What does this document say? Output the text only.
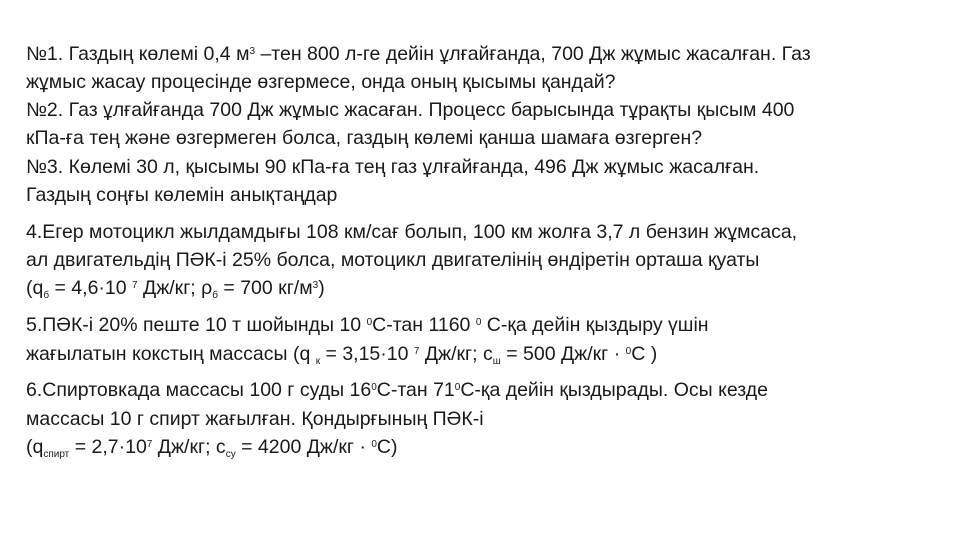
№1. Газдың көлемі 0,4 $м^3$ –тен 800 л-ге дейін ұлғайғанда, 700 Дж жұмыс жасалған. Газ
жұмыс жасау процесінде өзгермесе, онда оның қысымы қандай?
№2. Газ ұлғайғанда 700 Дж жұмыс жасаған. Процесс барысында тұрақты қысым 400
кПа-ға тең және өзгермеген болса, газдың көлемі қанша шамаға өзгерген?
№3. Көлемі 30 л, қысымы 90 кПа-ға тең газ ұлғайғанда, 496 Дж жұмыс жасалған.
Газдың соңғы көлемін анықтаңдар
4.Егер мотоцикл жылдамдығы 108 км/сағ болып, 100 км жолға 3,7 л бензин жұмсаса,
ал двигательдің ПӘК-і 25% болса, мотоцикл двигателінің өндіретін орташа қуаты
($q_б = 4,6\cdot 10$ $^7$ Дж/кг; $\rho_б = 700$ $кг/м^3$)
5.ПӘК-і 20% пеште 10 т шойынды 10 $^0$С-тан 1160 $^0$ С-қа дейін қыздыру үшін
жағылатын кокстың массасы (q $_к$ = 3,15·10 $^7$ Дж/кг; $с_ш = 500$ Дж/кг · $^0$С )
6.Спиртовкада массасы 100 г суды $16^0С$-тан $71^0С-қа$ дейін қыздырады. Осы кезде
массасы 10 г спирт жағылған. Қондырғының ПӘК-і
($q_{спирт} = 2,7\cdot 10^7$ Дж/кг; $с_{су} = 4200$ Дж/кг · $^0$С)
